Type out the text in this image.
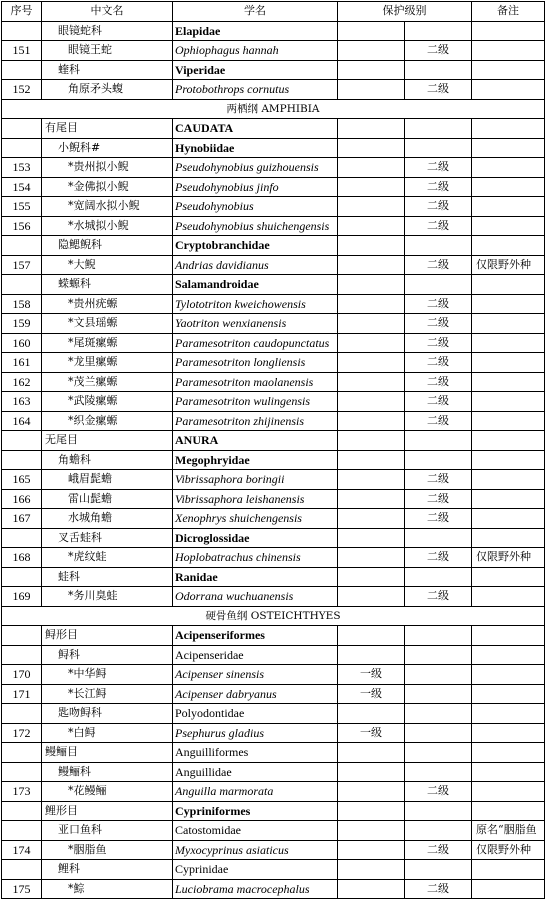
序号	中文名	学名	保护级别		备注
	眼镜蛇科	Elapidae			
151	眼镜王蛇	Ophiophagus hannah		二级	
	蝰科	Viperidae			
152	角原矛头蝮	Protobothrops cornutus		二级	
两栖纲 AMPHIBIA					
	有尾目	CAUDATA			
	小鲵科#	Hynobiidae			
153	*贵州拟小鲵	Pseudohynobius guizhouensis		二级	
154	*金佛拟小鲵	Pseudohynobius jinfo		二级	
155	*宽阔水拟小鲵	Pseudohynobius		二级	
156	*水城拟小鲵	Pseudohynobius shuichengensis		二级	
	隐鳃鲵科	Cryptobranchidae			
157	*大鲵	Andrias davidianus		二级	仅限野外种
	蝾螈科	Salamandroidae			
158	*贵州疣螈	Tylototriton kweichowensis		二级	
159	*文县瑶螈	Yaotriton wenxianensis		二级	
160	*尾斑瘰螈	Paramesotriton caudopunctatus		二级	
161	*龙里瘰螈	Paramesotriton longliensis		二级	
162	*茂兰瘰螈	Paramesotriton maolanensis		二级	
163	*武陵瘰螈	Paramesotriton wulingensis		二级	
164	*织金瘰螈	Paramesotriton zhijinensis		二级	
	无尾目	ANURA			
	角蟾科	Megophryidae			
165	峨眉髭蟾	Vibrissaphora boringii		二级	
166	雷山髭蟾	Vibrissaphora leishanensis		二级	
167	水城角蟾	Xenophrys shuichengensis		二级	
	叉舌蛙科	Dicroglossidae			
168	*虎纹蛙	Hoplobatrachus chinensis		二级	仅限野外种
	蛙科	Ranidae			
169	*务川臭蛙	Odorrana wuchuanensis		二级	
硬骨鱼纲 OSTEICHTHYES					
	鲟形目	Acipenseriformes			
	鲟科	Acipenseridae			
170	*中华鲟	Acipenser sinensis	一级		
171	*长江鲟	Acipenser dabryanus	一级		
	匙吻鲟科	Polyodontidae			
172	*白鲟	Psephurus gladius	一级		
	鳗鲡目	Anguilliformes			
	鳗鲡科	Anguillidae			
173	*花鳗鲡	Anguilla marmorata		二级	
	鲤形目	Cypriniformes			
	亚口鱼科	Catostomidae			原名“胭脂鱼
174	*胭脂鱼	Myxocyprinus asiaticus		二级	仅限野外种
	鲤科	Cyprinidae			
175	*鯮	Luciobrama macrocephalus		二级	
